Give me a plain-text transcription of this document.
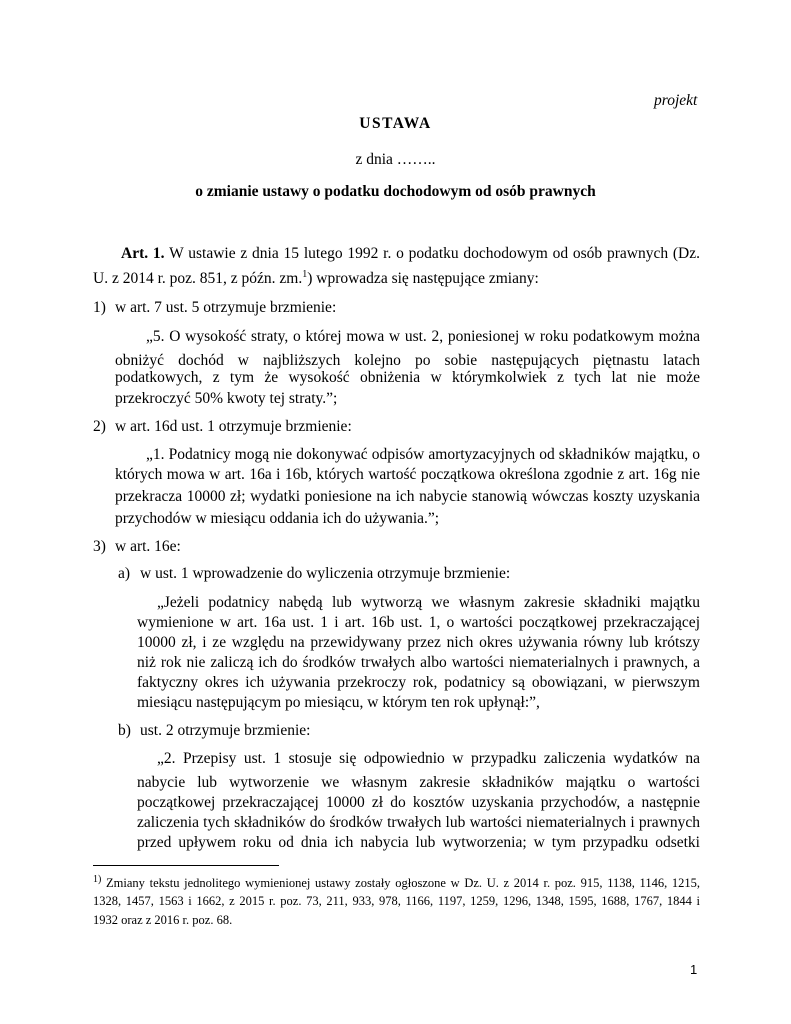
projekt
USTAWA
z dnia ……..
o zmianie ustawy o podatku dochodowym od osób prawnych
Art. 1. W ustawie z dnia 15 lutego 1992 r. o podatku dochodowym od osób prawnych (Dz.
U. z 2014 r. poz. 851, z późn. zm.$^1$) wprowadza się następujące zmiany:
1) w art. 7 ust. 5 otrzymuje brzmienie:
„5. O wysokość straty, o której mowa w ust. 2, poniesionej w roku podatkowym można
obniżyć dochód w najbliższych kolejno po sobie następujących piętnastu latach
podatkowych, z tym że wysokość obniżenia w którymkolwiek z tych lat nie może
przekroczyć 50% kwoty tej straty.”;
2) w art. 16d ust. 1 otrzymuje brzmienie:
„1. Podatnicy mogą nie dokonywać odpisów amortyzacyjnych od składników majątku, o
których mowa w art. 16a i 16b, których wartość początkowa określona zgodnie z art. 16g nie
przekracza 10000 zł; wydatki poniesione na ich nabycie stanowią wówczas koszty uzyskania
przychodów w miesiącu oddania ich do używania.”;
3) w art. 16e:
a) w ust. 1 wprowadzenie do wyliczenia otrzymuje brzmienie:
„Jeżeli podatnicy nabędą lub wytworzą we własnym zakresie składniki majątku
wymienione w art. 16a ust. 1 i art. 16b ust. 1, o wartości początkowej przekraczającej
10000 zł, i ze względu na przewidywany przez nich okres używania równy lub krótszy
niż rok nie zaliczą ich do środków trwałych albo wartości niematerialnych i prawnych, a
faktyczny okres ich używania przekroczy rok, podatnicy są obowiązani, w pierwszym
miesiącu następującym po miesiącu, w którym ten rok upłynął:”,
b) ust. 2 otrzymuje brzmienie:
„2. Przepisy ust. 1 stosuje się odpowiednio w przypadku zaliczenia wydatków na
nabycie lub wytworzenie we własnym zakresie składników majątku o wartości
początkowej przekraczającej 10000 zł do kosztów uzyskania przychodów, a następnie
zaliczenia tych składników do środków trwałych lub wartości niematerialnych i prawnych
przed upływem roku od dnia ich nabycia lub wytworzenia; w tym przypadku odsetki
$^{1)}$ Zmiany tekstu jednolitego wymienionej ustawy zostały ogłoszone w Dz. U. z 2014 r. poz. 915, 1138, 1146, 1215,
1328, 1457, 1563 i 1662, z 2015 r. poz. 73, 211, 933, 978, 1166, 1197, 1259, 1296, 1348, 1595, 1688, 1767, 1844 i
1932 oraz z 2016 r. poz. 68.
1
